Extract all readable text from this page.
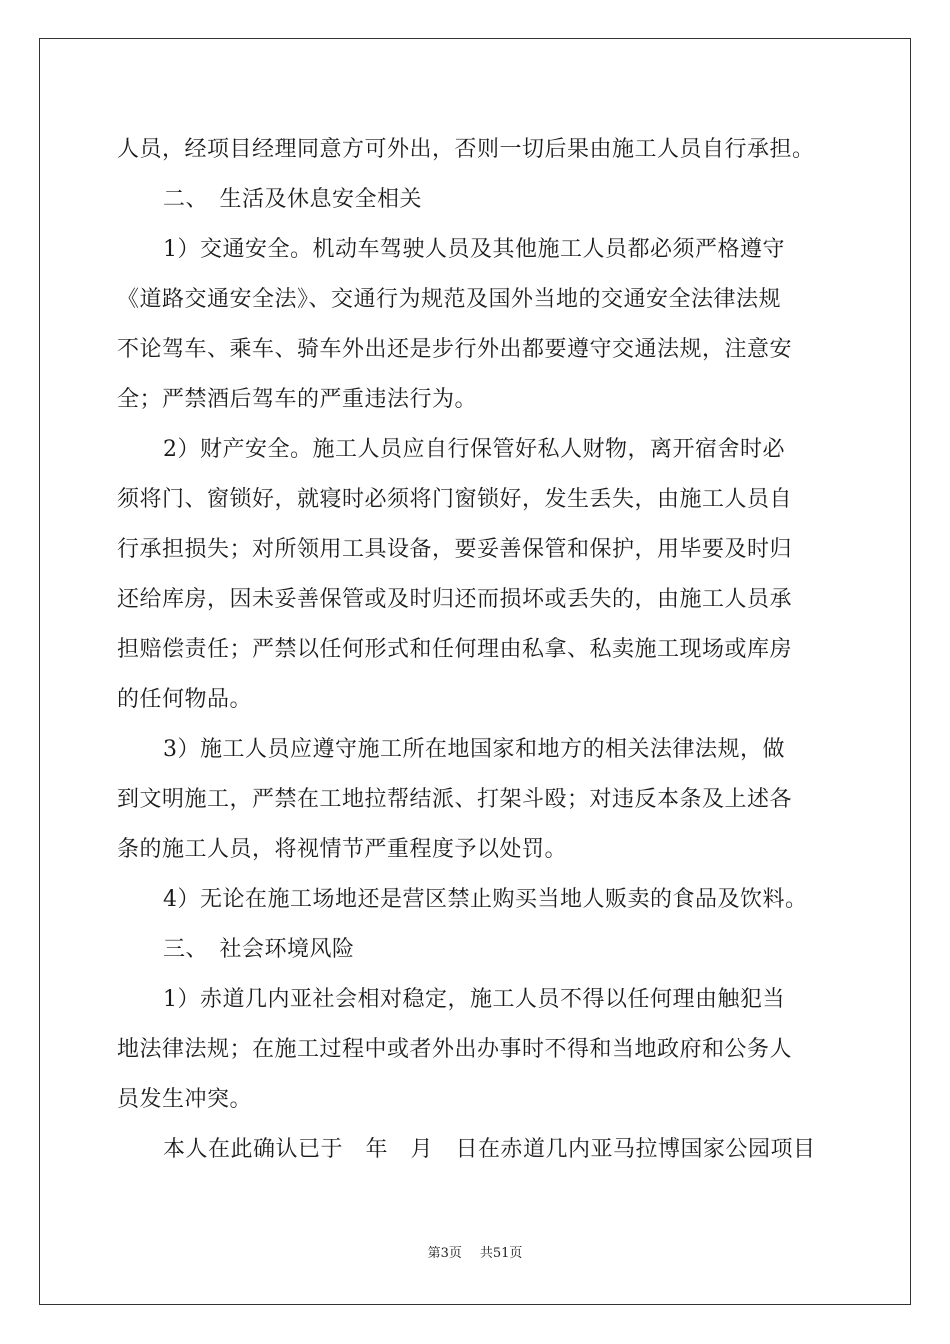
人员，经项目经理同意方可外出，否则一切后果由施工人员自行承担。
二、　生活及休息安全相关
1）交通安全。机动车驾驶人员及其他施工人员都必须严格遵守
《道路交通安全法》、交通行为规范及国外当地的交通安全法律法规
不论驾车、乘车、骑车外出还是步行外出都要遵守交通法规，注意安
全；严禁酒后驾车的严重违法行为。
2）财产安全。施工人员应自行保管好私人财物，离开宿舍时必
须将门、窗锁好，就寝时必须将门窗锁好，发生丢失，由施工人员自
行承担损失；对所领用工具设备，要妥善保管和保护，用毕要及时归
还给库房，因未妥善保管或及时归还而损坏或丢失的，由施工人员承
担赔偿责任；严禁以任何形式和任何理由私拿、私卖施工现场或库房
的任何物品。
3）施工人员应遵守施工所在地国家和地方的相关法律法规，做
到文明施工，严禁在工地拉帮结派、打架斗殴；对违反本条及上述各
条的施工人员，将视情节严重程度予以处罚。
4）无论在施工场地还是营区禁止购买当地人贩卖的食品及饮料。
三、　社会环境风险
1）赤道几内亚社会相对稳定，施工人员不得以任何理由触犯当
地法律法规；在施工过程中或者外出办事时不得和当地政府和公务人
员发生冲突。
本人在此确认已于　年　月　日在赤道几内亚马拉博国家公园项目
第3页 共51页
